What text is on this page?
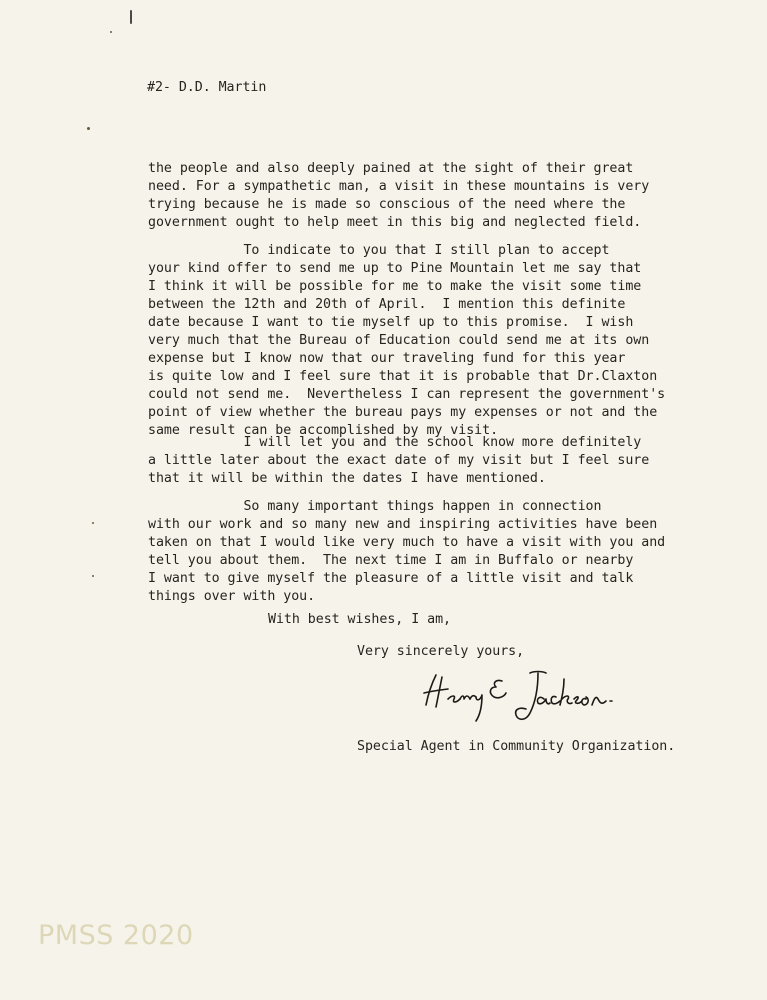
#2- D.D. Martin
the people and also deeply pained at the sight of their great
need. For a sympathetic man, a visit in these mountains is very
trying because he is made so conscious of the need where the
government ought to help meet in this big and neglected field.
To indicate to you that I still plan to accept
your kind offer to send me up to Pine Mountain let me say that
I think it will be possible for me to make the visit some time
between the 12th and 20th of April.  I mention this definite
date because I want to tie myself up to this promise.  I wish
very much that the Bureau of Education could send me at its own
expense but I know now that our traveling fund for this year
is quite low and I feel sure that it is probable that Dr.Claxton
could not send me.  Nevertheless I can represent the government's
point of view whether the bureau pays my expenses or not and the
same result can be accomplished by my visit.
I will let you and the school know more definitely
a little later about the exact date of my visit but I feel sure
that it will be within the dates I have mentioned.
So many important things happen in connection
with our work and so many new and inspiring activities have been
taken on that I would like very much to have a visit with you and
tell you about them.  The next time I am in Buffalo or nearby
I want to give myself the pleasure of a little visit and talk
things over with you.
With best wishes, I am,
Very sincerely yours,
Special Agent in Community Organization.
PMSS 2020
